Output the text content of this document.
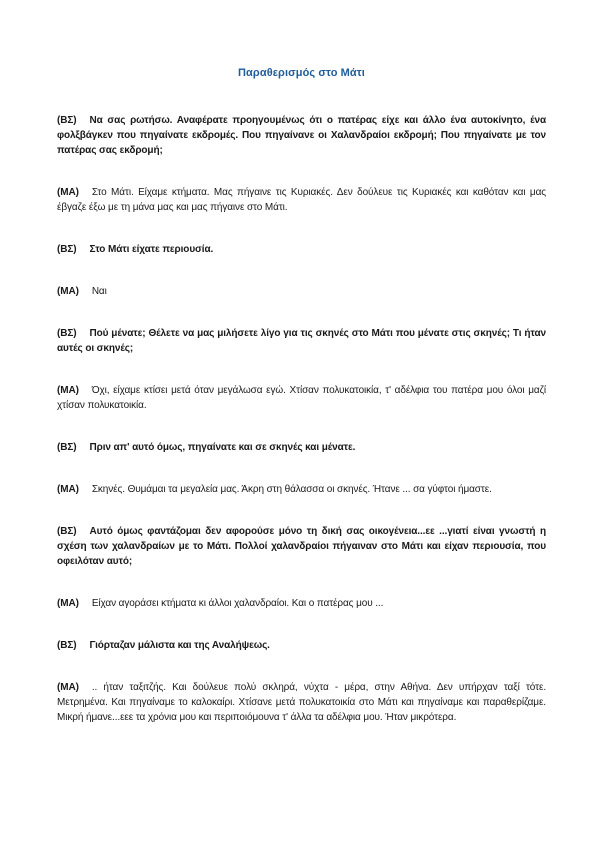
Παραθερισμός στο Μάτι

(ΒΣ) Να σας ρωτήσω. Αναφέρατε προηγουμένως ότι ο πατέρας είχε και άλλο ένα αυτοκίνητο, ένα φολξβάγκεν που πηγαίνατε εκδρομές. Που πηγαίνανε οι Χαλανδραίοι εκδρομή; Που πηγαίνατε με τον πατέρας σας εκδρομή;

(ΜΑ) Στο Μάτι. Είχαμε κτήματα. Μας πήγαινε τις Κυριακές. Δεν δούλευε τις Κυριακές και καθόταν και μας έβγαζε έξω με τη μάνα μας και μας πήγαινε στο Μάτι.

(ΒΣ) Στο Μάτι είχατε περιουσία.

(ΜΑ) Ναι

(ΒΣ) Πού μένατε; Θέλετε να μας μιλήσετε λίγο για τις σκηνές στο Μάτι που μένατε στις σκηνές; Τι ήταν αυτές οι σκηνές;

(ΜΑ) Όχι, είχαμε κτίσει μετά όταν μεγάλωσα εγώ. Χτίσαν πολυκατοικία, τ' αδέλφια του πατέρα μου όλοι μαζί χτίσαν πολυκατοικία.

(ΒΣ) Πριν απ' αυτό όμως, πηγαίνατε και σε σκηνές και μένατε.

(ΜΑ) Σκηνές. Θυμάμαι τα μεγαλεία μας. Άκρη στη θάλασσα οι σκηνές. Ήτανε ... σα γύφτοι ήμαστε.

(ΒΣ) Αυτό όμως φαντάζομαι δεν αφορούσε μόνο τη δική σας οικογένεια...εε ...γιατί είναι γνωστή η σχέση των χαλανδραίων με το Μάτι. Πολλοί χαλανδραίοι πήγαιναν στο Μάτι και είχαν περιουσία, που οφειλόταν αυτό;

(ΜΑ) Είχαν αγοράσει κτήματα κι άλλοι χαλανδραίοι. Και ο πατέρας μου ...

(ΒΣ) Γιόρταζαν μάλιστα και της Αναλήψεως.

(ΜΑ) .. ήταν ταξιτζής. Και δούλευε πολύ σκληρά, νύχτα - μέρα, στην Αθήνα. Δεν υπήρχαν ταξί τότε. Μετρημένα. Και πηγαίναμε το καλοκαίρι. Χτίσανε μετά πολυκατοικία στο Μάτι και πηγαίναμε και παραθερίζαμε. Μικρή ήμανε...εεε τα χρόνια μου και περιποιόμουνα τ' άλλα τα αδέλφια μου. Ήταν μικρότερα.
